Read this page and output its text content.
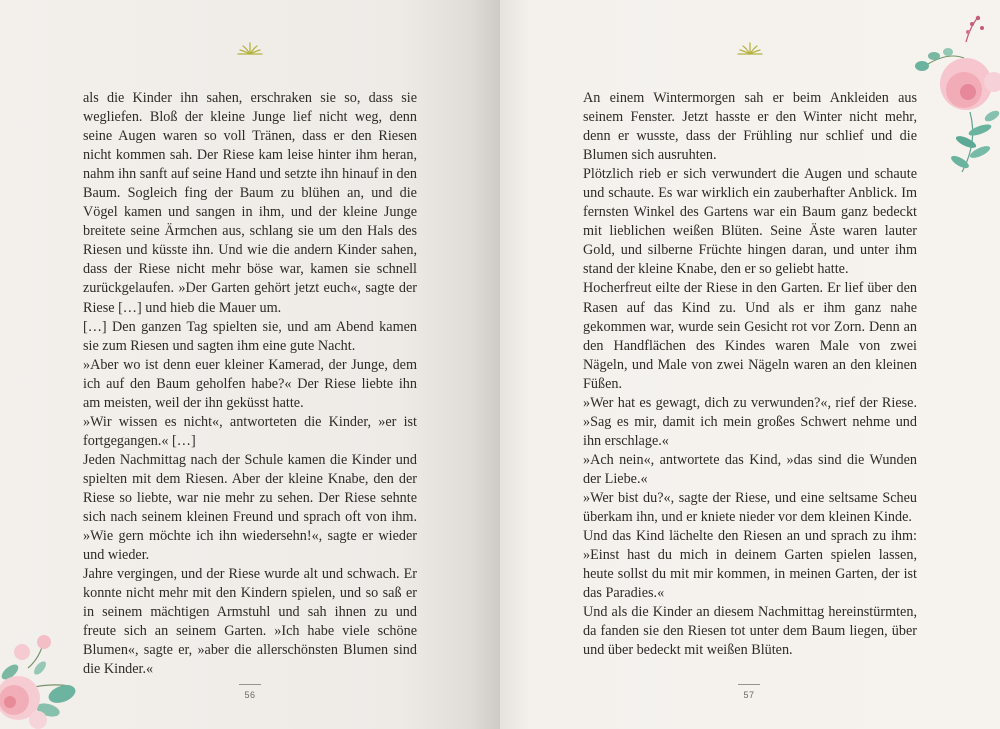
als die Kinder ihn sahen, erschraken sie so, dass sie wegliefen. Bloß der kleine Junge lief nicht weg, denn seine Augen waren so voll Tränen, dass er den Riesen nicht kommen sah. Der Riese kam leise hinter ihm heran, nahm ihn sanft auf seine Hand und setzte ihn hinauf in den Baum. Sogleich fing der Baum zu blühen an, und die Vögel kamen und sangen in ihm, und der kleine Junge breitete seine Ärmchen aus, schlang sie um den Hals des Riesen und küsste ihn. Und wie die andern Kinder sahen, dass der Riese nicht mehr böse war, kamen sie schnell zurückgelaufen. »Der Garten gehört jetzt euch«, sagte der Riese […] und hieb die Mauer um.

[…] Den ganzen Tag spielten sie, und am Abend kamen sie zum Riesen und sagten ihm eine gute Nacht.

»Aber wo ist denn euer kleiner Kamerad, der Junge, dem ich auf den Baum geholfen habe?« Der Riese liebte ihn am meisten, weil der ihn geküsst hatte.

»Wir wissen es nicht«, antworteten die Kinder, »er ist fortgegangen.« […]

Jeden Nachmittag nach der Schule kamen die Kinder und spielten mit dem Riesen. Aber der kleine Knabe, den der Riese so liebte, war nie mehr zu sehen. Der Riese sehnte sich nach seinem kleinen Freund und sprach oft von ihm. »Wie gern möchte ich ihn wiedersehn!«, sagte er wieder und wieder.

Jahre vergingen, und der Riese wurde alt und schwach. Er konnte nicht mehr mit den Kindern spielen, und so saß er in seinem mächtigen Armstuhl und sah ihnen zu und freute sich an seinem Garten. »Ich habe viele schöne Blumen«, sagte er, »aber die allerschönsten Blumen sind die Kinder.«

56

An einem Wintermorgen sah er beim Ankleiden aus seinem Fenster. Jetzt hasste er den Winter nicht mehr, denn er wusste, dass der Frühling nur schlief und die Blumen sich ausruhten.

Plötzlich rieb er sich verwundert die Augen und schaute und schaute. Es war wirklich ein zauberhafter Anblick. Im fernsten Winkel des Gartens war ein Baum ganz bedeckt mit lieblichen weißen Blüten. Seine Äste waren lauter Gold, und silberne Früchte hingen daran, und unter ihm stand der kleine Knabe, den er so geliebt hatte.

Hocherfreut eilte der Riese in den Garten. Er lief über den Rasen auf das Kind zu. Und als er ihm ganz nahe gekommen war, wurde sein Gesicht rot vor Zorn. Denn an den Handflächen des Kindes waren Male von zwei Nägeln, und Male von zwei Nägeln waren an den kleinen Füßen.

»Wer hat es gewagt, dich zu verwunden?«, rief der Riese. »Sag es mir, damit ich mein großes Schwert nehme und ihn erschlage.«

»Ach nein«, antwortete das Kind, »das sind die Wunden der Liebe.«

»Wer bist du?«, sagte der Riese, und eine seltsame Scheu überkam ihn, und er kniete nieder vor dem kleinen Kinde.

Und das Kind lächelte den Riesen an und sprach zu ihm: »Einst hast du mich in deinem Garten spielen lassen, heute sollst du mit mir kommen, in meinen Garten, der ist das Paradies.«

Und als die Kinder an diesem Nachmittag hereinstürmten, da fanden sie den Riesen tot unter dem Baum liegen, über und über bedeckt mit weißen Blüten.

57
